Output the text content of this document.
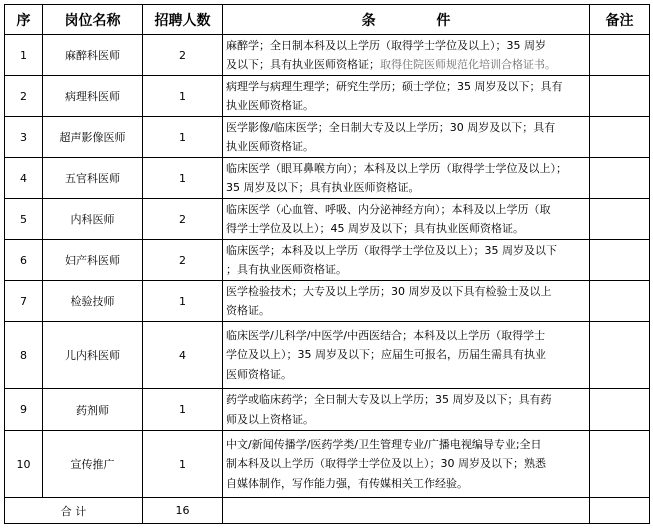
序	岗位名称	招聘人数	条 件	备注
1	麻醉科医师	2	麻醉学；全日制本科及以上学历（取得学士学位及以上）；35 周岁
及以下；具有执业医师资格证；取得住院医师规范化培训合格证书。	

2	病理科医师	1	病理学与病理生理学；研究生学历；硕士学位；35 周岁及以下；具有
执业医师资格证。	

3	超声影像医师	1	医学影像/临床医学；全日制大专及以上学历；30 周岁及以下；具有
执业医师资格证。	

4	五官科医师	1	临床医学（眼耳鼻喉方向）；本科及以上学历（取得学士学位及以上）；
35 周岁及以下；具有执业医师资格证。	

5	内科医师	2	临床医学（心血管、呼吸、内分泌神经方向）；本科及以上学历（取
得学士学位及以上）；45 周岁及以下；具有执业医师资格证。	

6	妇产科医师	2	临床医学；本科及以上学历（取得学士学位及以上）；35 周岁及以下
；具有执业医师资格证。	

7	检验技师	1	医学检验技术；大专及以上学历；30 周岁及以下具有检验士及以上
资格证。	

8	儿内科医师	4	临床医学/儿科学/中医学/中西医结合；本科及以上学历（取得学士
学位及以上）；35 周岁及以下；应届生可报名，历届生需具有执业
医师资格证。	

9	药剂师	1	药学或临床药学；全日制大专及以上学历；35 周岁及以下；具有药
师及以上资格证。	

10	宣传推广	1	中文/新闻传播学/医药学类/卫生管理专业/广播电视编导专业;全日
制本科及以上学历（取得学士学位及以上）；30 周岁及以下；熟悉
自媒体制作，写作能力强，有传媒相关工作经验。	

合 计		16		
